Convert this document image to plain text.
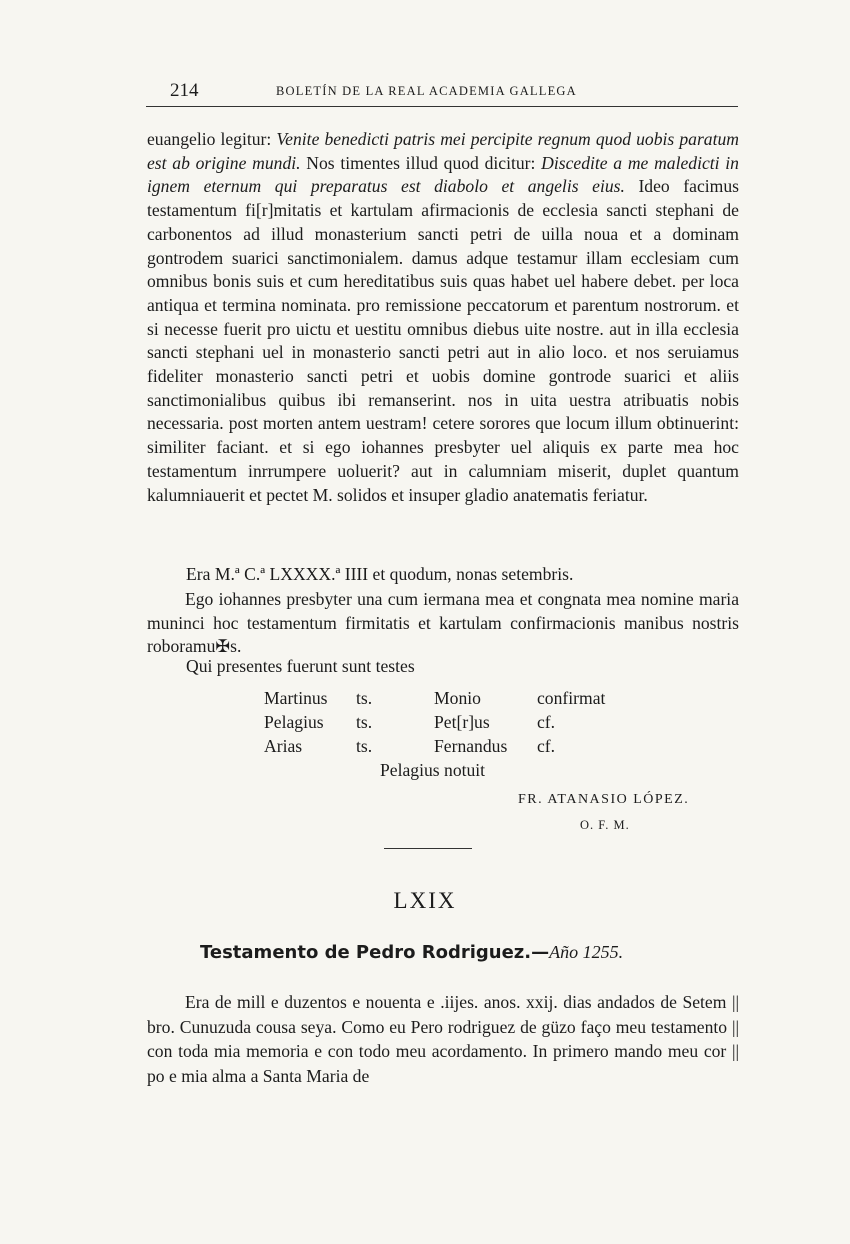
214	BOLETÍN DE LA REAL ACADEMIA GALLEGA

euangelio legitur: Venite benedicti patris mei percipite regnum quod uobis paratum est ab origine mundi. Nos timentes illud quod dicitur: Discedite a me maledicti in ignem eternum qui preparatus est diabolo et angelis eius. Ideo facimus testamentum fi[r]mitatis et kartulam afirmacionis de ecclesia sancti stephani de carbonentos ad illud monasterium sancti petri de uilla noua et a dominam gontrodem suarici sanctimonialem. damus adque testamur illam ecclesiam cum omnibus bonis suis et cum hereditatibus suis quas habet uel habere debet. per loca antiqua et termina nominata. pro remissione peccatorum et parentum nostrorum. et si necesse fuerit pro uictu et uestitu omnibus diebus uite nostre. aut in illa ecclesia sancti stephani uel in monasterio sancti petri aut in alio loco. et nos seruiamus fideliter monasterio sancti petri et uobis domine gontrode suarici et aliis sanctimonialibus quibus ibi remanserint. nos in uita uestra atribuatis nobis necessaria. post morten antem uestram! cetere sorores que locum illum obtinuerint: similiter faciant. et si ego iohannes presbyter uel aliquis ex parte mea hoc testamentum inrrumpere uoluerit? aut in calumniam miserit, duplet quantum kalumniauerit et pectet M. solidos et insuper gladio anatematis feriatur.

Era M.ª C.ª LXXXX.ª IIII et quodum, nonas setembris.

Ego iohannes presbyter una cum iermana mea et congnata mea nomine maria muninci hoc testamentum firmitatis et kartulam confirmacionis manibus nostris roboramu✠s.

Qui presentes fuerunt sunt testes
Martinus ts.	Monio	confirmat
Pelagius ts.	Pet[r]us	cf.
Arias	ts.	Fernandus cf.
Pelagius notuit
FR. ATANASIO LÓPEZ.
O. F. M.
LXIX
Testamento de Pedro Rodriguez.—Año 1255.

Era de mill e duzentos e nouenta e .iijes. anos. xxij. dias andados de Setem || bro. Cunuzuda cousa seya. Como eu Pero rodriguez de güzo faço meu testamento || con toda mia memoria e con todo meu acordamento. In primero mando meu cor || po e mia alma a Santa Maria de
